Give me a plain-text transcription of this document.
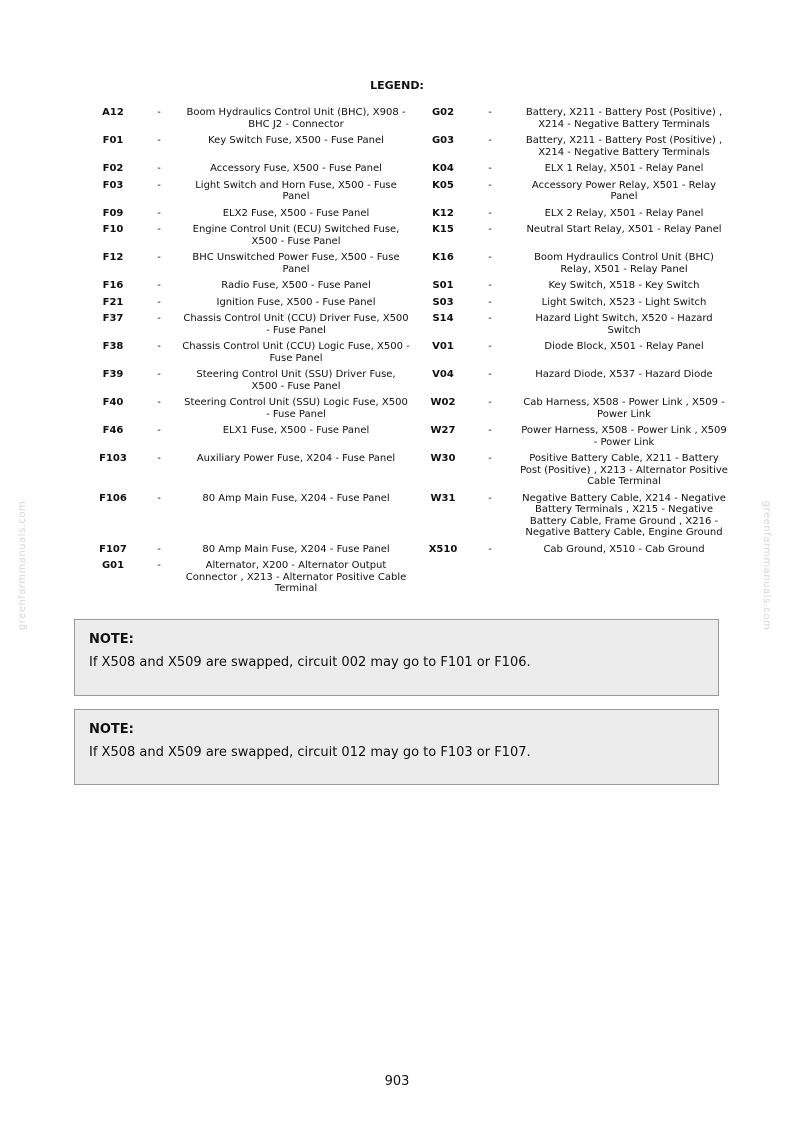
LEGEND:
A12	-	Boom Hydraulics Control Unit (BHC), X908 - BHC J2 - Connector	G02	-	Battery, X211 - Battery Post (Positive) , X214 - Negative Battery Terminals
F01	-	Key Switch Fuse, X500 - Fuse Panel	G03	-	Battery, X211 - Battery Post (Positive) , X214 - Negative Battery Terminals
F02	-	Accessory Fuse, X500 - Fuse Panel	K04	-	ELX 1 Relay, X501 - Relay Panel
F03	-	Light Switch and Horn Fuse, X500 - Fuse Panel	K05	-	Accessory Power Relay, X501 - Relay Panel
F09	-	ELX2 Fuse, X500 - Fuse Panel	K12	-	ELX 2 Relay, X501 - Relay Panel
F10	-	Engine Control Unit (ECU) Switched Fuse, X500 - Fuse Panel	K15	-	Neutral Start Relay, X501 - Relay Panel
F12	-	BHC Unswitched Power Fuse, X500 - Fuse Panel	K16	-	Boom Hydraulics Control Unit (BHC) Relay, X501 - Relay Panel
F16	-	Radio Fuse, X500 - Fuse Panel	S01	-	Key Switch, X518 - Key Switch
F21	-	Ignition Fuse, X500 - Fuse Panel	S03	-	Light Switch, X523 - Light Switch
F37	-	Chassis Control Unit (CCU) Driver Fuse, X500 - Fuse Panel	S14	-	Hazard Light Switch, X520 - Hazard Switch
F38	-	Chassis Control Unit (CCU) Logic Fuse, X500 - Fuse Panel	V01	-	Diode Block, X501 - Relay Panel
F39	-	Steering Control Unit (SSU) Driver Fuse, X500 - Fuse Panel	V04	-	Hazard Diode, X537 - Hazard Diode
F40	-	Steering Control Unit (SSU) Logic Fuse, X500 - Fuse Panel	W02	-	Cab Harness, X508 - Power Link , X509 - Power Link
F46	-	ELX1 Fuse, X500 - Fuse Panel	W27	-	Power Harness, X508 - Power Link , X509 - Power Link
F103	-	Auxiliary Power Fuse, X204 - Fuse Panel	W30	-	Positive Battery Cable, X211 - Battery Post (Positive) , X213 - Alternator Positive Cable Terminal
F106	-	80 Amp Main Fuse, X204 - Fuse Panel	W31	-	Negative Battery Cable, X214 - Negative Battery Terminals , X215 - Negative Battery Cable, Frame Ground , X216 - Negative Battery Cable, Engine Ground
F107	-	80 Amp Main Fuse, X204 - Fuse Panel	X510	-	Cab Ground, X510 - Cab Ground
G01	-	Alternator, X200 - Alternator Output Connector , X213 - Alternator Positive Cable Terminal			
NOTE:
If X508 and X509 are swapped, circuit 002 may go to F101 or F106.
NOTE:
If X508 and X509 are swapped, circuit 012 may go to F103 or F107.
greenfarmmanuals.com	greenfarmmanuals.com
903
